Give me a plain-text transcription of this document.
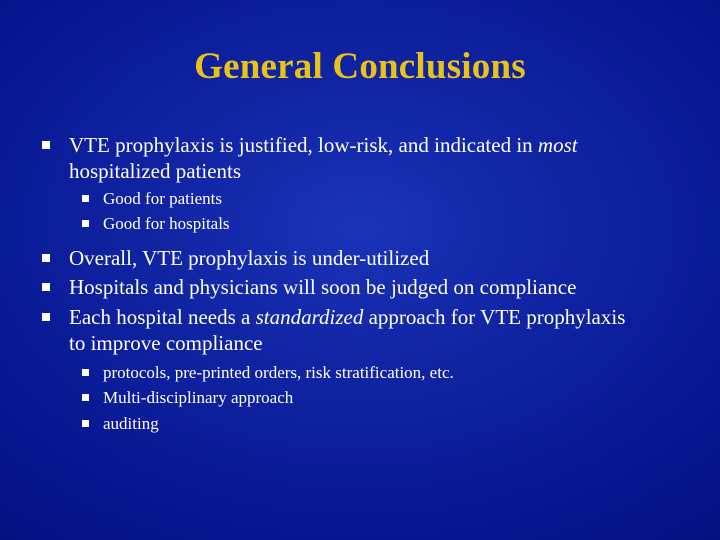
General Conclusions
VTE prophylaxis is justified, low-risk, and indicated in most
hospitalized patients
Good for patients
Good for hospitals
Overall, VTE prophylaxis is under-utilized
Hospitals and physicians will soon be judged on compliance
Each hospital needs a standardized approach for VTE prophylaxis
to improve compliance
protocols, pre-printed orders, risk stratification, etc.
Multi-disciplinary approach
auditing
